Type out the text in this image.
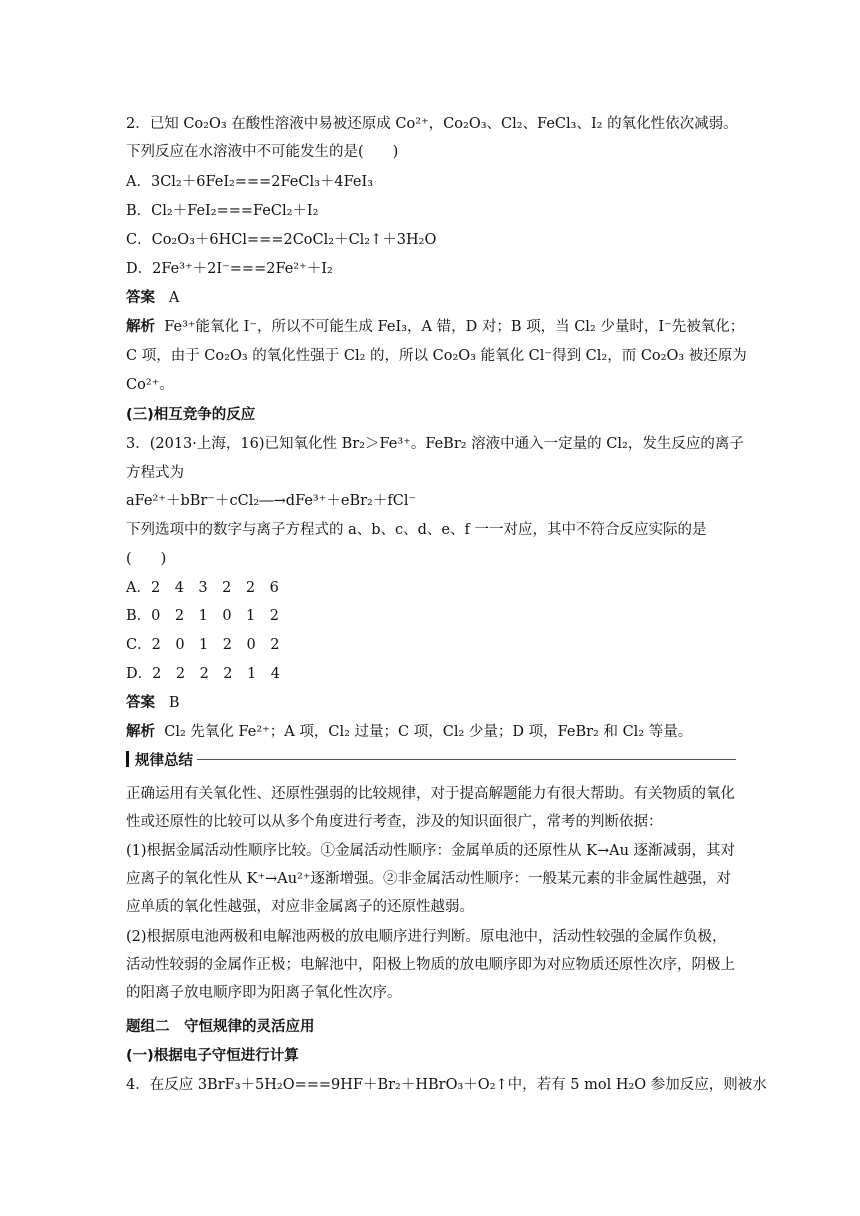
2．已知 Co₂O₃ 在酸性溶液中易被还原成 Co²⁺，Co₂O₃、Cl₂、FeCl₃、I₂ 的氧化性依次减弱。
下列反应在水溶液中不可能发生的是(　　)
A．3Cl₂＋6FeI₂===2FeCl₃＋4FeI₃
B．Cl₂＋FeI₂===FeCl₂＋I₂
C．Co₂O₃＋6HCl===2CoCl₂＋Cl₂↑＋3H₂O
D．2Fe³⁺＋2I⁻===2Fe²⁺＋I₂
答案 A
解析 Fe³⁺能氧化 I⁻，所以不可能生成 FeI₃，A 错，D 对；B 项，当 Cl₂ 少量时，I⁻先被氧化；
C 项，由于 Co₂O₃ 的氧化性强于 Cl₂ 的，所以 Co₂O₃ 能氧化 Cl⁻得到 Cl₂，而 Co₂O₃ 被还原为
Co²⁺。
(三)相互竞争的反应
3．(2013·上海，16)已知氧化性 Br₂＞Fe³⁺。FeBr₂ 溶液中通入一定量的 Cl₂，发生反应的离子
方程式为
aFe²⁺＋bBr⁻＋cCl₂―→dFe³⁺＋eBr₂＋fCl⁻
下列选项中的数字与离子方程式的 a、b、c、d、e、f 一一对应，其中不符合反应实际的是
(　　)
A．2　4　3　2　2　6
B．0　2　1　0　1　2
C．2　0　1　2　0　2
D．2　2　2　2　1　4
答案 B
解析 Cl₂ 先氧化 Fe²⁺；A 项，Cl₂ 过量；C 项，Cl₂ 少量；D 项，FeBr₂ 和 Cl₂ 等量。
规律总结
正确运用有关氧化性、还原性强弱的比较规律，对于提高解题能力有很大帮助。有关物质的氧化性或还原性的比较可以从多个角度进行考查，涉及的知识面很广，常考的判断依据：
(1)根据金属活动性顺序比较。①金属活动性顺序：金属单质的还原性从 K→Au 逐渐减弱，其对应离子的氧化性从 K⁺→Au²⁺逐渐增强。②非金属活动性顺序：一般某元素的非金属性越强，对应单质的氧化性越强，对应非金属离子的还原性越弱。
(2)根据原电池两极和电解池两极的放电顺序进行判断。原电池中，活动性较强的金属作负极，活动性较弱的金属作正极；电解池中，阳极上物质的放电顺序即为对应物质还原性次序，阴极上的阳离子放电顺序即为阳离子氧化性次序。
题组二　守恒规律的灵活应用
(一)根据电子守恒进行计算
4．在反应 3BrF₃＋5H₂O===9HF＋Br₂＋HBrO₃＋O₂↑中，若有 5 mol H₂O 参加反应，则被水
